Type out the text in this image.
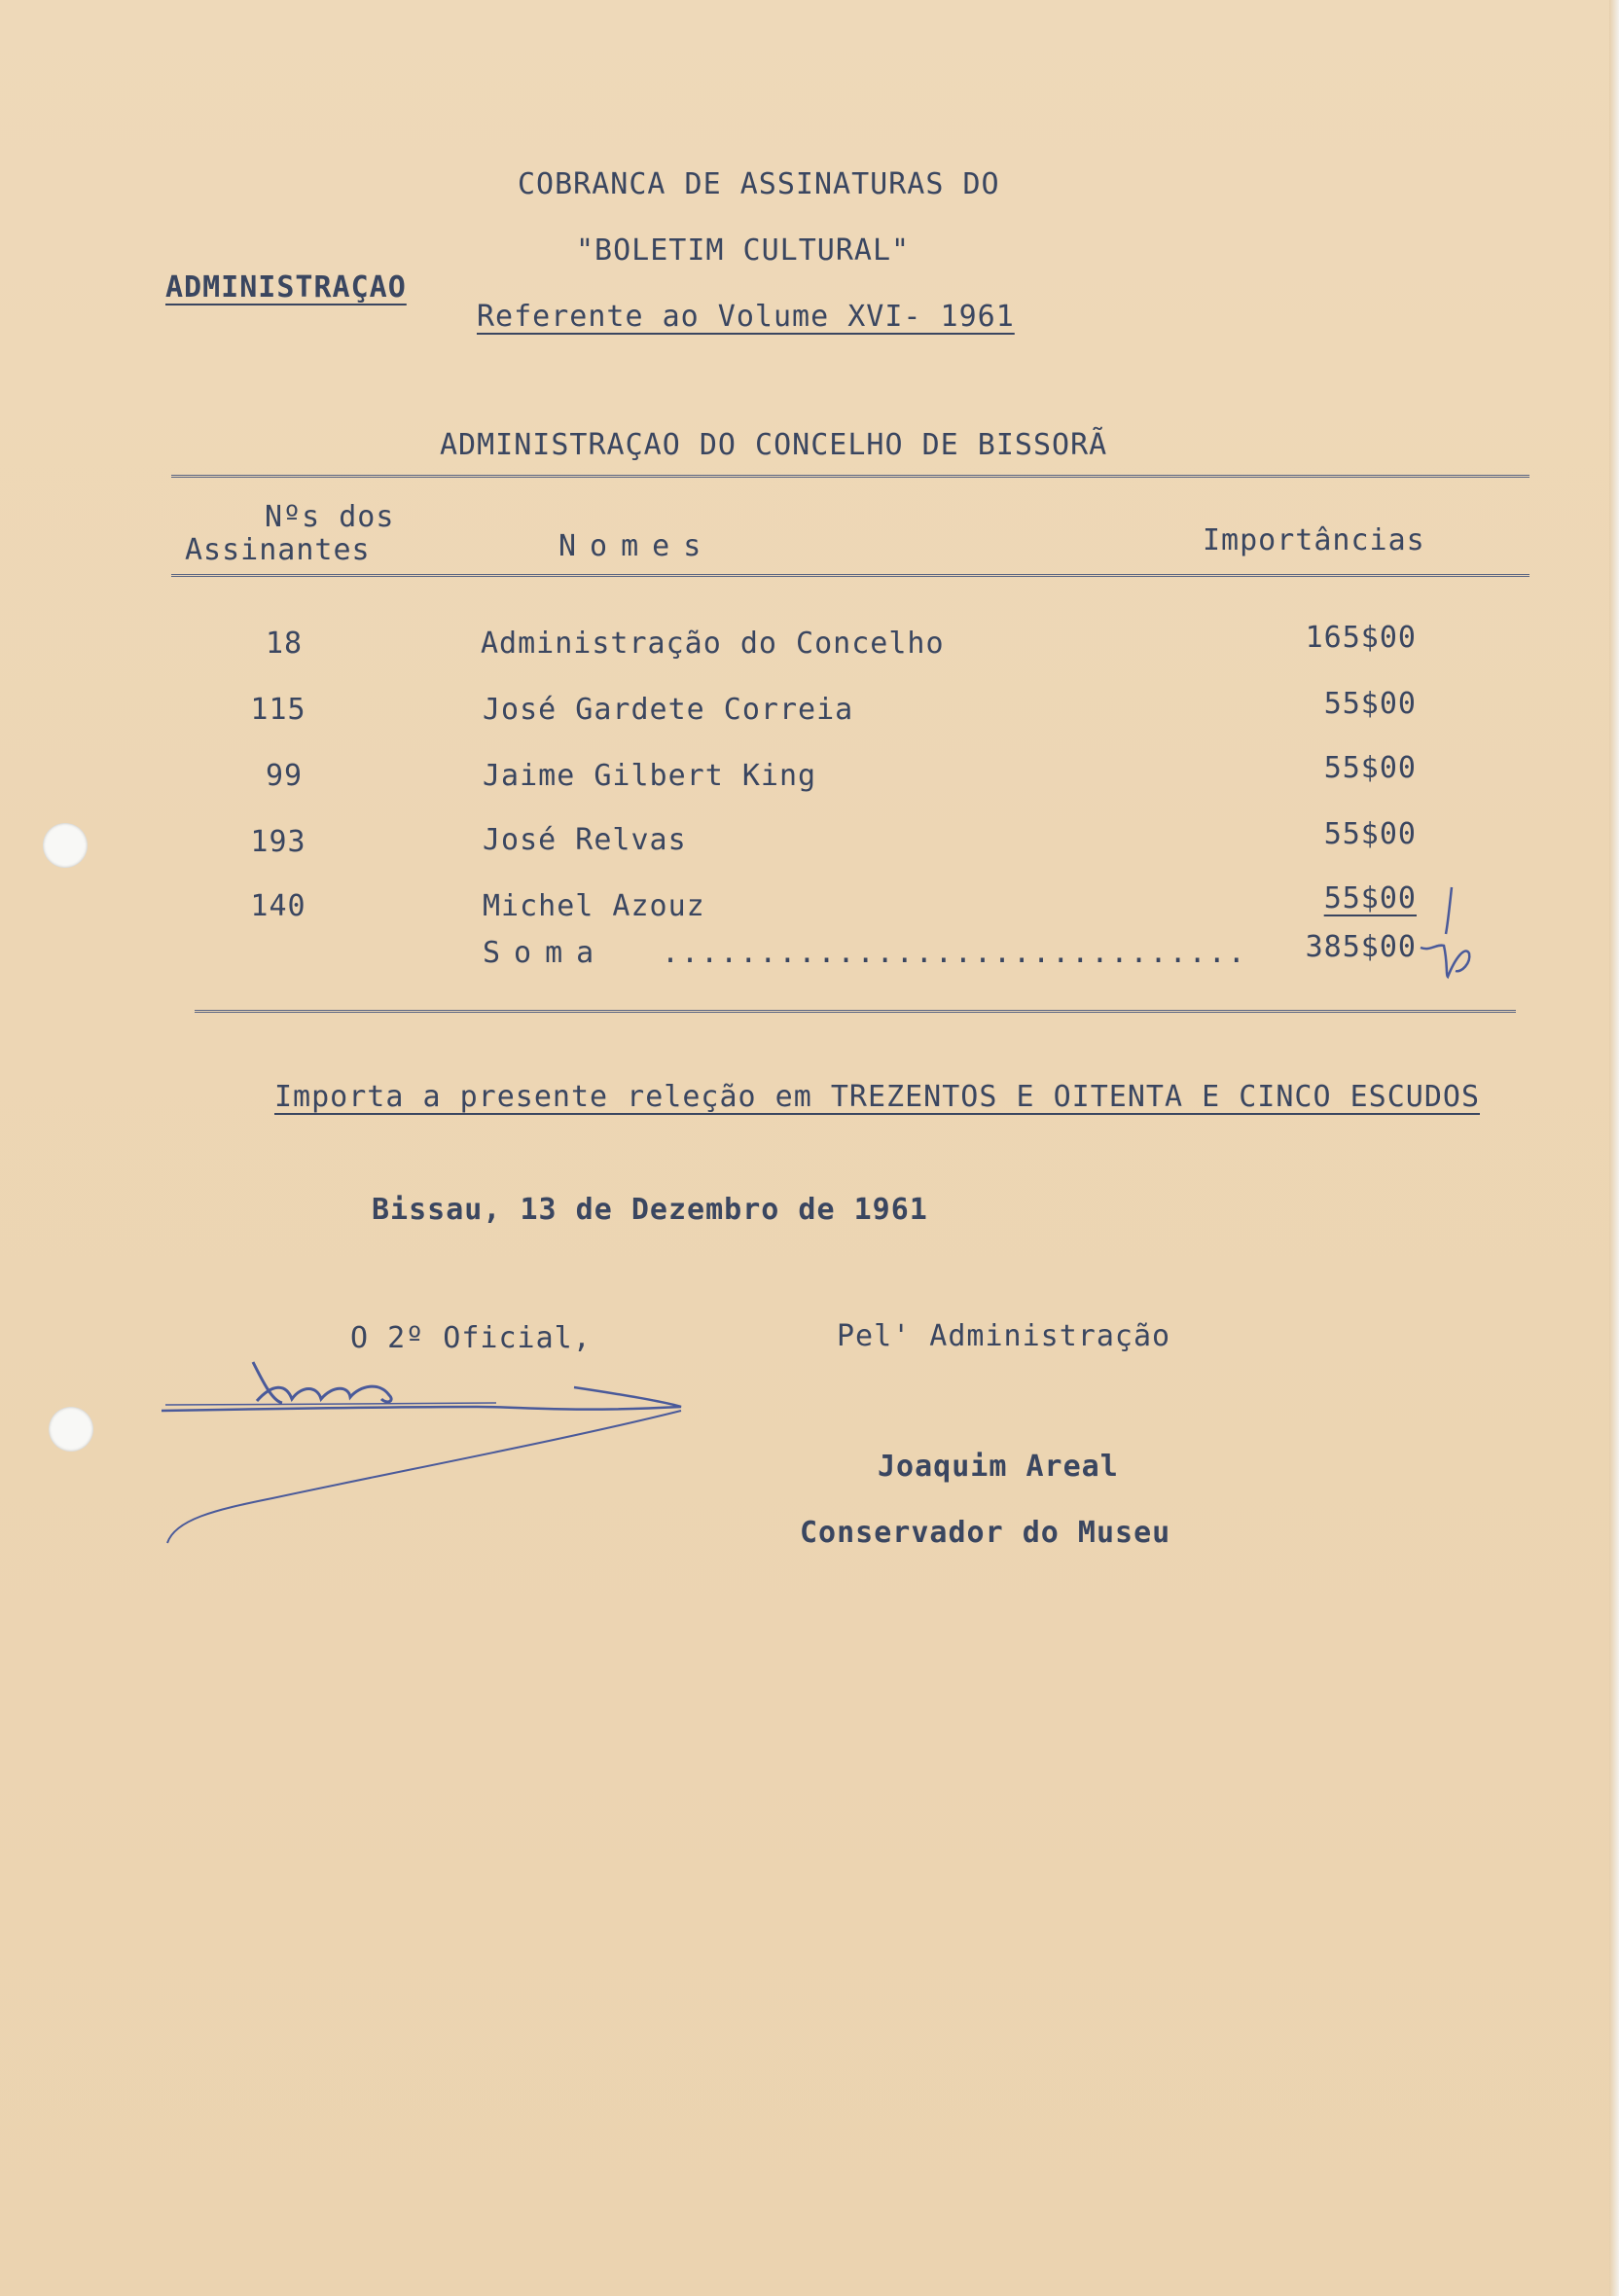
COBRANCA DE ASSINATURAS DO
"BOLETIM CULTURAL"
ADMINISTRAÇAO
Referente ao Volume XVI- 1961
ADMINISTRAÇAO DO CONCELHO DE BISSORÃ
Nºs dos
Assinantes	Nomes	Importâncias
18	Administração do Concelho	165$00
115	José Gardete Correia	55$00
99	Jaime Gilbert King	55$00
193	José Relvas	55$00
140	Michel Azouz	55$00
Soma ..............................	385$00
Importa a presente releção em TREZENTOS E OITENTA E CINCO ESCUDOS
Bissau, 13 de Dezembro de 1961
O 2º Oficial,	Pel' Administração
Joaquim Areal
Conservador do Museu
